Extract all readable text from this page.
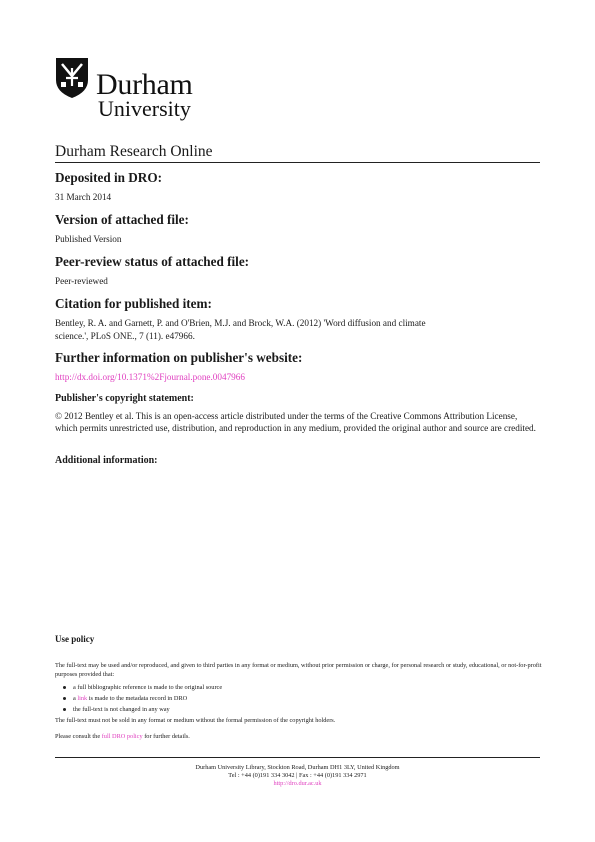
Durham
University
Durham Research Online
Deposited in DRO:
31 March 2014
Version of attached file:
Published Version
Peer-review status of attached file:
Peer-reviewed
Citation for published item:
Bentley, R. A. and Garnett, P. and O'Brien, M.J. and Brock, W.A. (2012) 'Word diffusion and climate
science.', PLoS ONE., 7 (11). e47966.
Further information on publisher's website:
http://dx.doi.org/10.1371%2Fjournal.pone.0047966
Publisher's copyright statement:
© 2012 Bentley et al. This is an open-access article distributed under the terms of the Creative Commons Attribution License, which permits unrestricted use, distribution, and reproduction in any medium, provided the original author and source are credited.
Additional information:
Use policy
The full-text may be used and/or reproduced, and given to third parties in any format or medium, without prior permission or charge, for personal research or study, educational, or not-for-profit purposes provided that:
a full bibliographic reference is made to the original source
a link is made to the metadata record in DRO
the full-text is not changed in any way
The full-text must not be sold in any format or medium without the formal permission of the copyright holders.
Please consult the full DRO policy for further details.
Durham University Library, Stockton Road, Durham DH1 3LY, United Kingdom
Tel : +44 (0)191 334 3042 | Fax : +44 (0)191 334 2971
http://dro.dur.ac.uk
